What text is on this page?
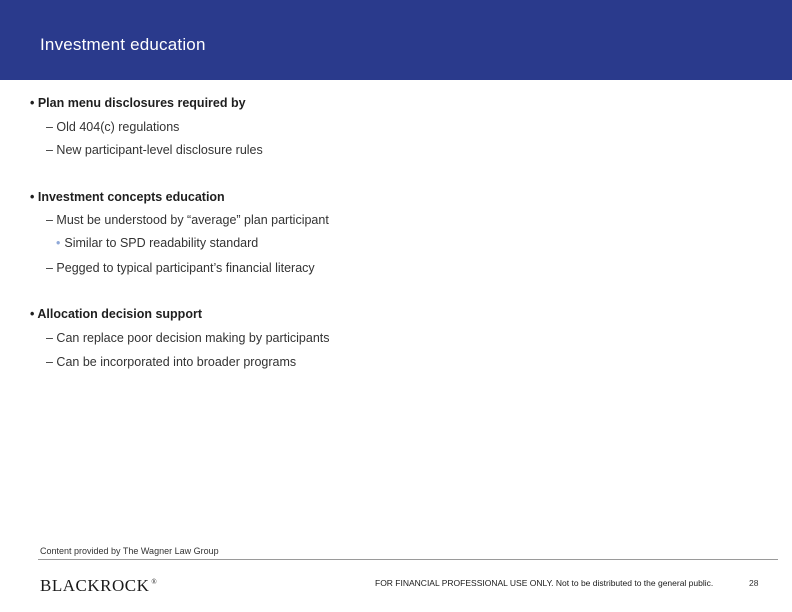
Investment education
• Plan menu disclosures required by
– Old 404(c) regulations
– New participant-level disclosure rules
• Investment concepts education
– Must be understood by “average” plan participant
• Similar to SPD readability standard
– Pegged to typical participant’s financial literacy
• Allocation decision support
– Can replace poor decision making by participants
– Can be incorporated into broader programs
Content provided by The Wagner Law Group
BLACKROCK ®	FOR FINANCIAL PROFESSIONAL USE ONLY. Not to be distributed to the general public.	28
